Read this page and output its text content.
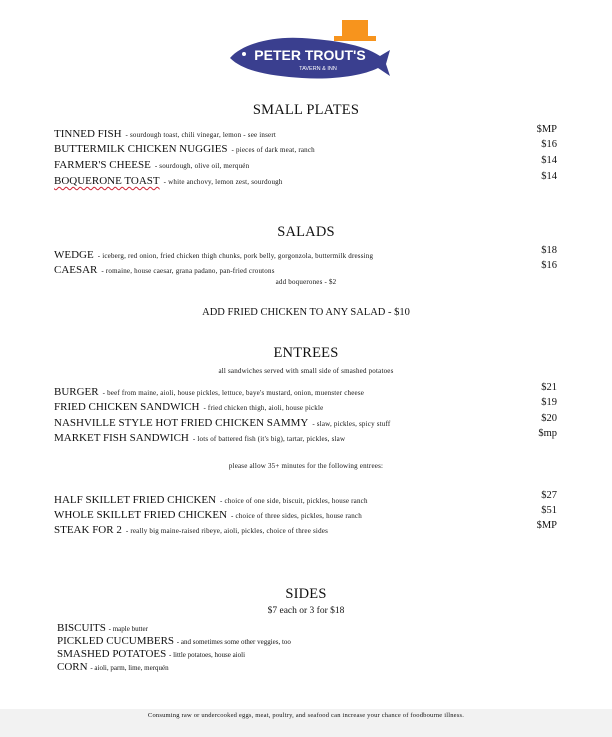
PETER TROUT'S
TAVERN & INN
SMALL PLATES
TINNED FISH - sourdough toast, chili vinegar, lemon - see insert	$MP
BUTTERMILK CHICKEN NUGGIES - pieces of dark meat, ranch	$16
FARMER'S CHEESE - sourdough, olive oil, merquén	$14
BOQUERONE TOAST - white anchovy, lemon zest, sourdough	$14
SALADS
WEDGE - iceberg, red onion, fried chicken thigh chunks, pork belly, gorgonzola, buttermilk dressing	$18
CAESAR - romaine, house caesar, grana padano, pan-fried croutons	$16
add boquerones - $2
ADD FRIED CHICKEN TO ANY SALAD - $10
ENTREES
all sandwiches served with small side of smashed potatoes
BURGER - beef from maine, aioli, house pickles, lettuce, baye's mustard, onion, muenster cheese	$21
FRIED CHICKEN SANDWICH - fried chicken thigh, aioli, house pickle	$19
NASHVILLE STYLE HOT FRIED CHICKEN SAMMY - slaw, pickles, spicy stuff	$20
MARKET FISH SANDWICH - lots of battered fish (it's big), tartar, pickles, slaw	$mp
please allow 35+ minutes for the following entrees:
HALF SKILLET FRIED CHICKEN - choice of one side, biscuit, pickles, house ranch	$27
WHOLE SKILLET FRIED CHICKEN - choice of three sides, pickles, house ranch	$51
STEAK FOR 2 - really big maine-raised ribeye, aioli, pickles, choice of three sides	$MP
SIDES
$7 each or 3 for $18
BISCUITS - maple butter
PICKLED CUCUMBERS - and sometimes some other veggies, too
SMASHED POTATOES - little potatoes, house aioli
CORN - aioli, parm, lime, merquén
Consuming raw or undercooked eggs, meat, poultry, and seafood can increase your chance of foodbourne illness.
